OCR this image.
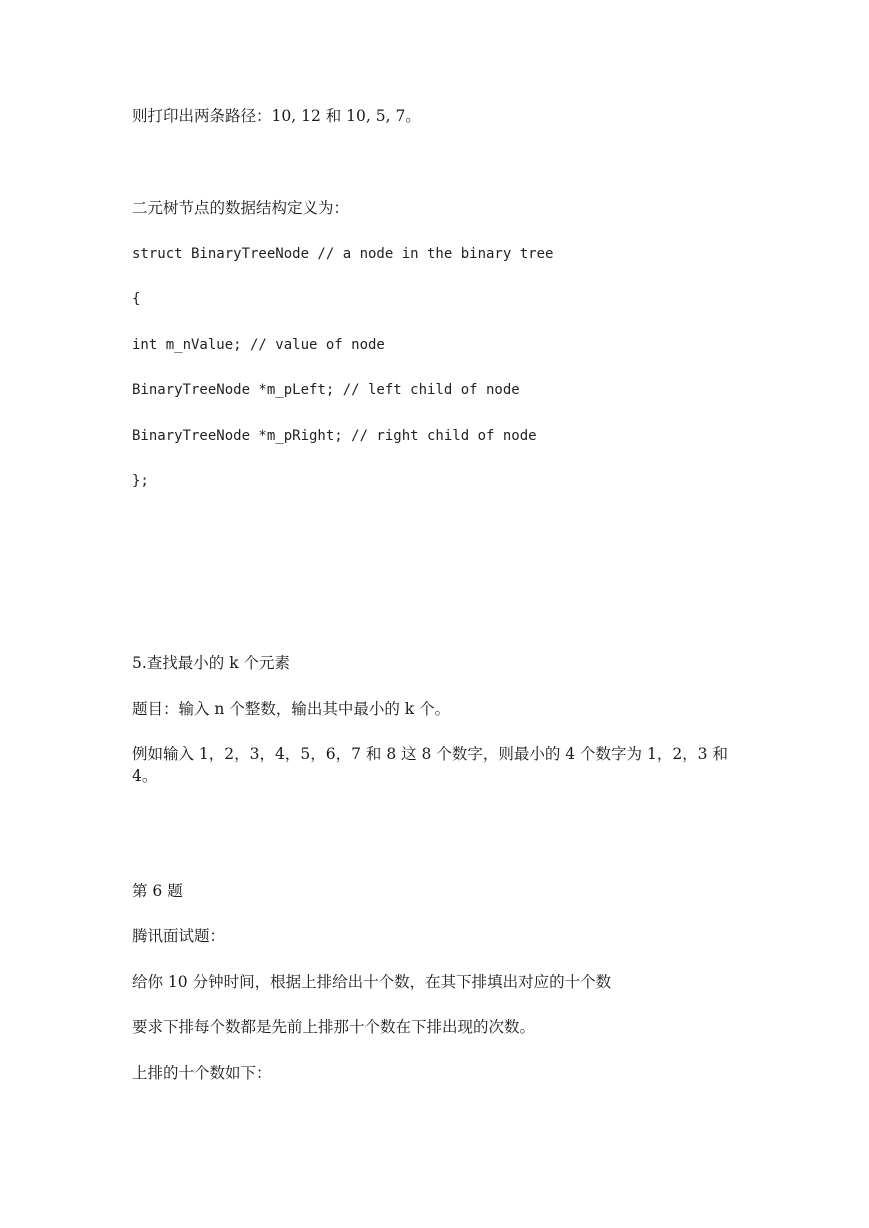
则打印出两条路径：10, 12 和 10, 5, 7。

二元树节点的数据结构定义为：

struct BinaryTreeNode // a node in the binary tree

{

int m_nValue; // value of node

BinaryTreeNode *m_pLeft; // left child of node

BinaryTreeNode *m_pRight; // right child of node

};

5.查找最小的 k 个元素

题目：输入 n 个整数，输出其中最小的 k 个。

例如输入 1，2，3，4，5，6，7 和 8 这 8 个数字，则最小的 4 个数字为 1，2，3 和 4。

第 6 题

腾讯面试题：

给你 10 分钟时间，根据上排给出十个数，在其下排填出对应的十个数

要求下排每个数都是先前上排那十个数在下排出现的次数。

上排的十个数如下：
